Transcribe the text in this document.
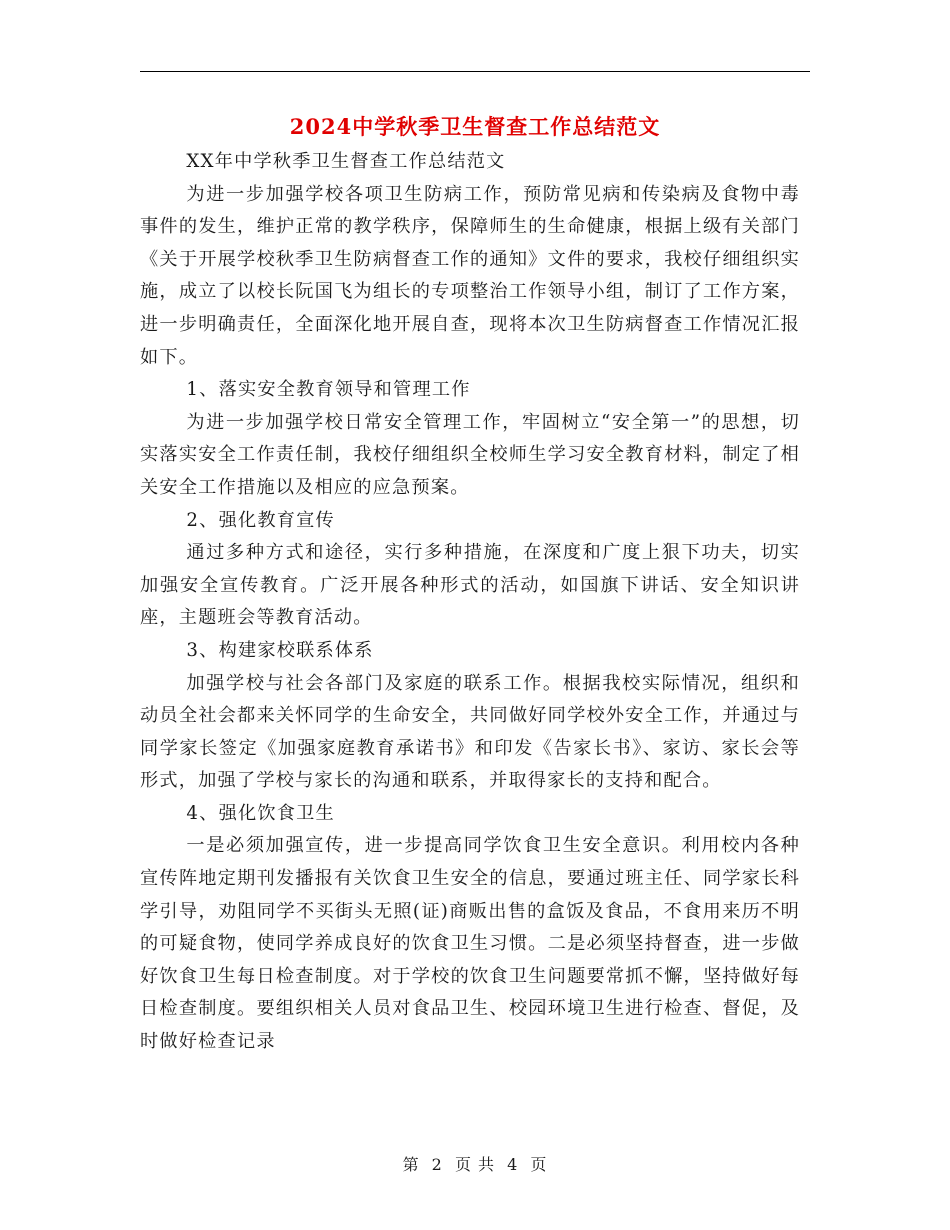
2024中学秋季卫生督查工作总结范文

XX年中学秋季卫生督查工作总结范文

为进一步加强学校各项卫生防病工作，预防常见病和传染病及食物中毒事件的发生，维护正常的教学秩序，保障师生的生命健康，根据上级有关部门《关于开展学校秋季卫生防病督查工作的通知》文件的要求，我校仔细组织实施，成立了以校长阮国飞为组长的专项整治工作领导小组，制订了工作方案，进一步明确责任，全面深化地开展自查，现将本次卫生防病督查工作情况汇报如下。

1、落实安全教育领导和管理工作

为进一步加强学校日常安全管理工作，牢固树立“安全第一”的思想，切实落实安全工作责任制，我校仔细组织全校师生学习安全教育材料，制定了相关安全工作措施以及相应的应急预案。

2、强化教育宣传

通过多种方式和途径，实行多种措施，在深度和广度上狠下功夫，切实加强安全宣传教育。广泛开展各种形式的活动，如国旗下讲话、安全知识讲座，主题班会等教育活动。

3、构建家校联系体系

加强学校与社会各部门及家庭的联系工作。根据我校实际情况，组织和动员全社会都来关怀同学的生命安全，共同做好同学校外安全工作，并通过与同学家长签定《加强家庭教育承诺书》和印发《告家长书》、家访、家长会等形式，加强了学校与家长的沟通和联系，并取得家长的支持和配合。

4、强化饮食卫生

一是必须加强宣传，进一步提高同学饮食卫生安全意识。利用校内各种宣传阵地定期刊发播报有关饮食卫生安全的信息，要通过班主任、同学家长科学引导，劝阻同学不买街头无照(证)商贩出售的盒饭及食品，不食用来历不明的可疑食物，使同学养成良好的饮食卫生习惯。二是必须坚持督查，进一步做好饮食卫生每日检查制度。对于学校的饮食卫生问题要常抓不懈，坚持做好每日检查制度。要组织相关人员对食品卫生、校园环境卫生进行检查、督促，及时做好检查记录

第 2 页 共 4 页
